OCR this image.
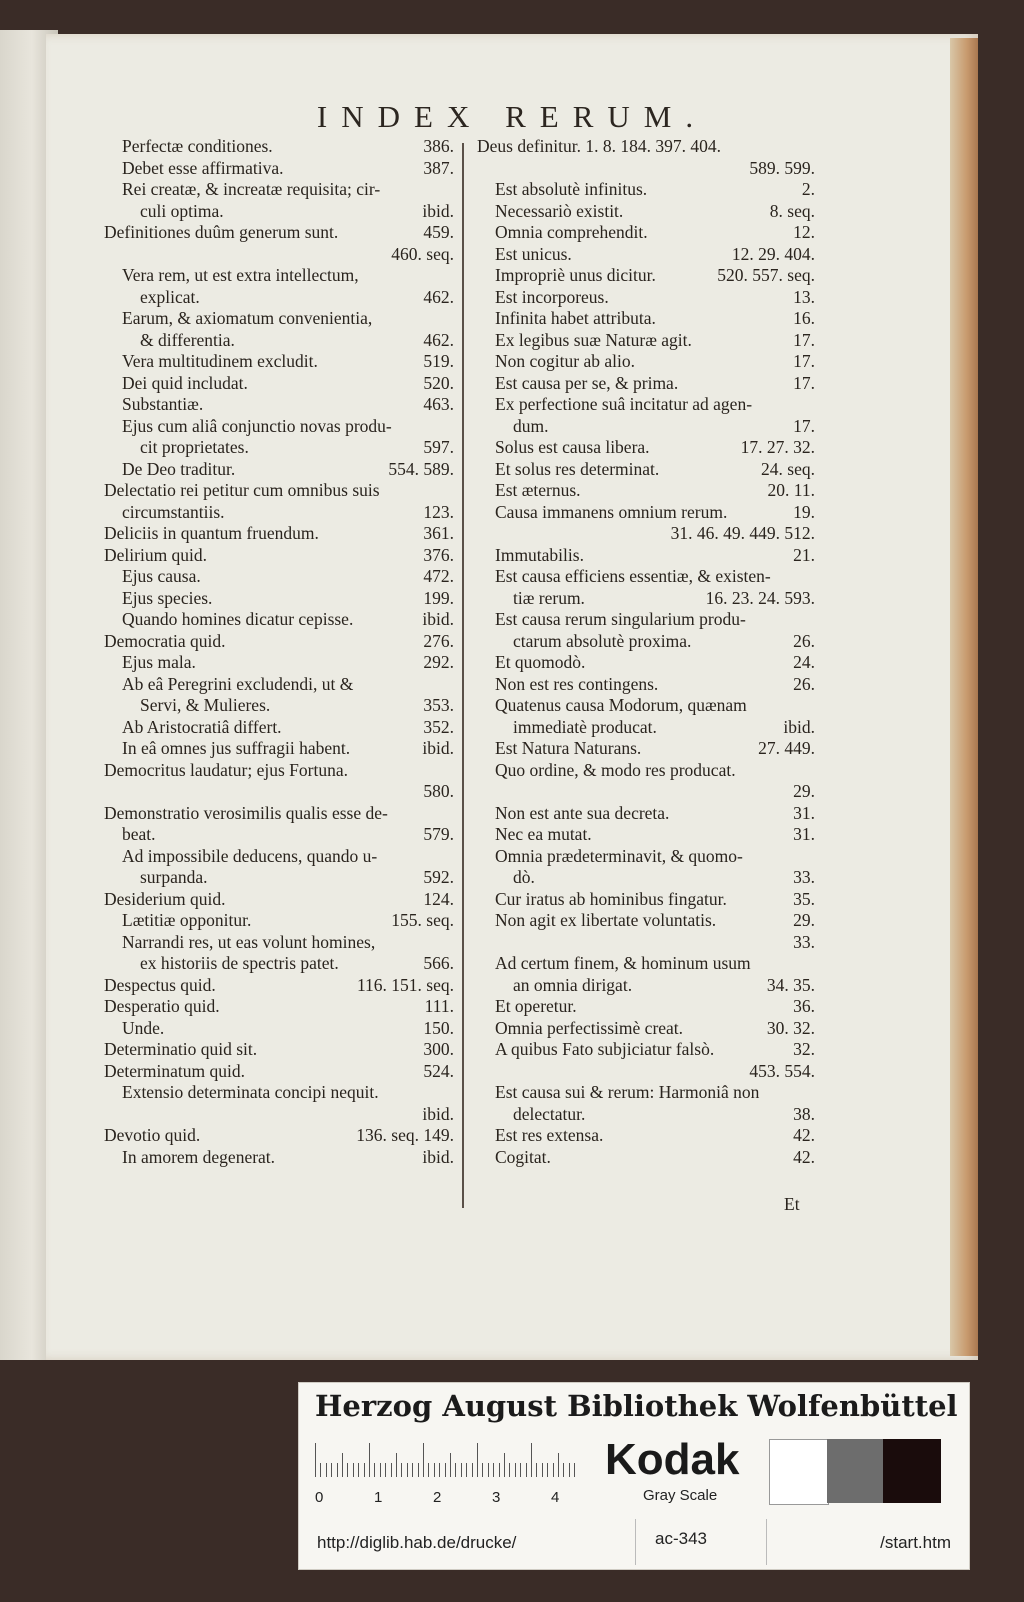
INDEX RERUM.
Perfectæ conditiones.	386.
Debet esse affirmativa.	387.
Rei creatæ, & increatæ requisita; cir-
culi optima.	ibid.
Definitiones duûm generum sunt.	459.
460. seq.
Vera rem, ut est extra intellectum,
explicat.	462.
Earum, & axiomatum convenientia,
& differentia.	462.
Vera multitudinem excludit.	519.
Dei quid includat.	520.
Substantiæ.	463.
Ejus cum aliâ conjunctio novas produ-
cit proprietates.	597.
De Deo traditur.	554. 589.
Delectatio rei petitur cum omnibus suis
circumstantiis.	123.
Deliciis in quantum fruendum.	361.
Delirium quid.	376.
Ejus causa.	472.
Ejus species.	199.
Quando homines dicatur cepisse.	ibid.
Democratia quid.	276.
Ejus mala.	292.
Ab eâ Peregrini excludendi, ut &
Servi, & Mulieres.	353.
Ab Aristocratiâ differt.	352.
In eâ omnes jus suffragii habent.	ibid.
Democritus laudatur; ejus Fortuna.
580.
Demonstratio verosimilis qualis esse de-
beat.	579.
Ad impossibile deducens, quando u-
surpanda.	592.
Desiderium quid.	124.
Lætitiæ opponitur.	155. seq.
Narrandi res, ut eas volunt homines,
ex historiis de spectris patet.	566.
Despectus quid.	116. 151. seq.
Desperatio quid.	111.
Unde.	150.
Determinatio quid sit.	300.
Determinatum quid.	524.
Extensio determinata concipi nequit.
ibid.
Devotio quid.	136. seq. 149.
In amorem degenerat.	ibid.
Deus definitur. 1. 8. 184. 397. 404.
589. 599.
Est absolutè infinitus.	2.
Necessariò existit.	8. seq.
Omnia comprehendit.	12.
Est unicus.	12. 29. 404.
Impropriè unus dicitur.	520. 557. seq.
Est incorporeus.	13.
Infinita habet attributa.	16.
Ex legibus suæ Naturæ agit.	17.
Non cogitur ab alio.	17.
Est causa per se, & prima.	17.
Ex perfectione suâ incitatur ad agen-
dum.	17.
Solus est causa libera.	17. 27. 32.
Et solus res determinat.	24. seq.
Est æternus.	20. 11.
Causa immanens omnium rerum.	19.
31. 46. 49. 449. 512.
Immutabilis.	21.
Est causa efficiens essentiæ, & existen-
tiæ rerum.	16. 23. 24. 593.
Est causa rerum singularium produ-
ctarum absolutè proxima.	26.
Et quomodò.	24.
Non est res contingens.	26.
Quatenus causa Modorum, quænam
immediatè producat.	ibid.
Est Natura Naturans.	27. 449.
Quo ordine, & modo res producat.
29.
Non est ante sua decreta.	31.
Nec ea mutat.	31.
Omnia prædeterminavit, & quomo-
dò.	33.
Cur iratus ab hominibus fingatur.	35.
Non agit ex libertate voluntatis.	29.
33.
Ad certum finem, & hominum usum
an omnia dirigat.	34. 35.
Et operetur.	36.
Omnia perfectissimè creat.	30. 32.
A quibus Fato subjiciatur falsò.	32.
453. 554.
Est causa sui & rerum: Harmoniâ non
delectatur.	38.
Est res extensa.	42.
Cogitat.	42.
Et
Herzog August Bibliothek Wolfenbüttel
0	1	2	3	4
Kodak
Gray Scale
http://diglib.hab.de/drucke/	ac-343	/start.htm
